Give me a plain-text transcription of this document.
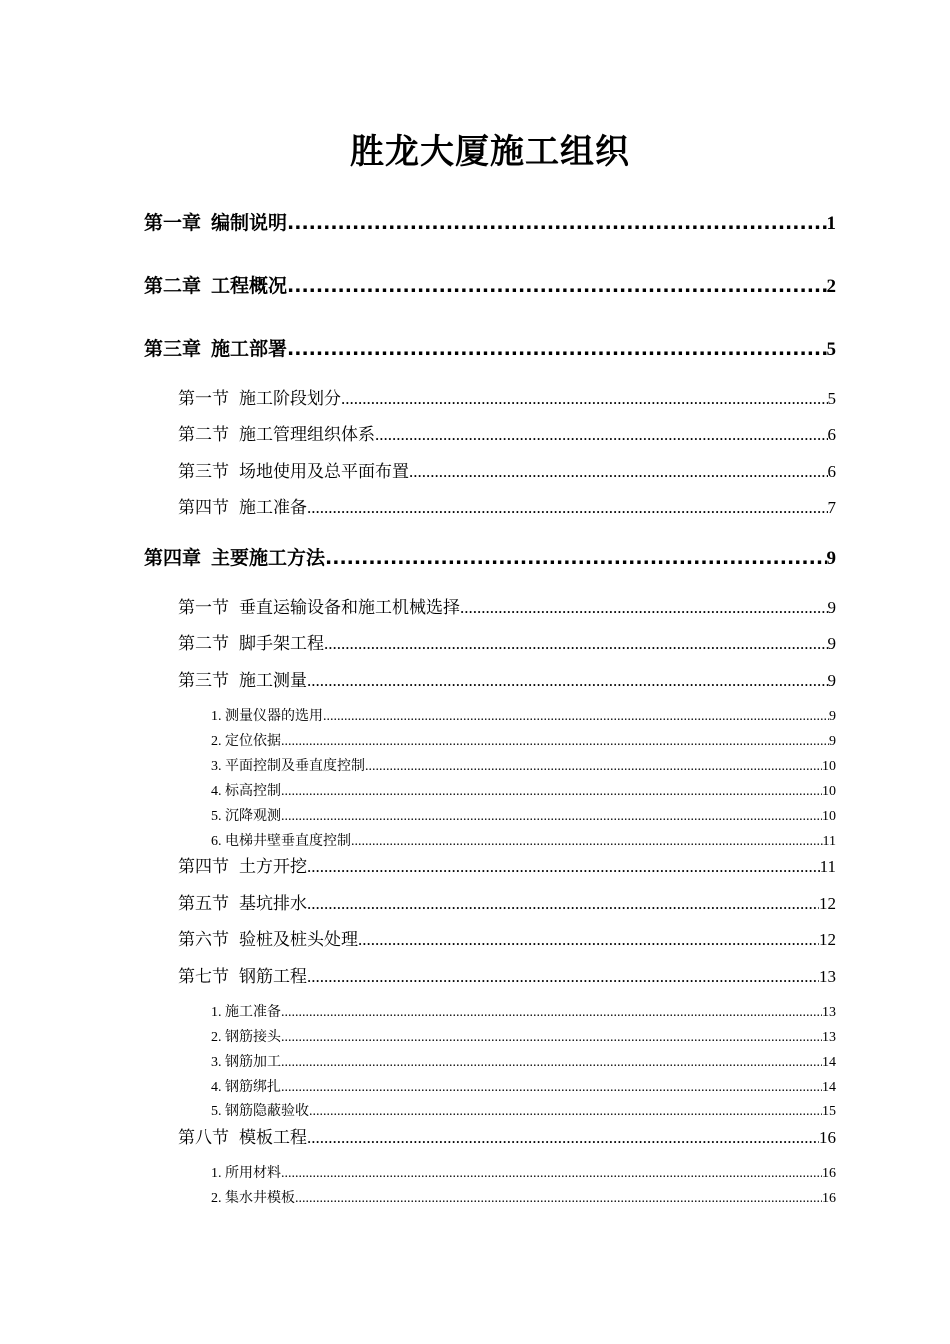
胜龙大厦施工组织
第一章 编制说明 .....	1
第二章 工程概况 .....	2
第三章 施工部署 .....	5
第一节 施工阶段划分 .....	5
第二节 施工管理组织体系 .....	6
第三节 场地使用及总平面布置 .....	6
第四节 施工准备 .....	7
第四章 主要施工方法 .....	9
第一节 垂直运输设备和施工机械选择 .....	9
第二节 脚手架工程 .....	9
第三节 施工测量 .....	9
1. 测量仪器的选用 .....	9
2. 定位依据 .....	9
3. 平面控制及垂直度控制 .....	10
4. 标高控制 .....	10
5. 沉降观测 .....	10
6. 电梯井壁垂直度控制 .....	11
第四节 土方开挖 .....	11
第五节 基坑排水 .....	12
第六节 验桩及桩头处理 .....	12
第七节 钢筋工程 .....	13
1. 施工准备 .....	13
2. 钢筋接头 .....	13
3. 钢筋加工 .....	14
4. 钢筋绑扎 .....	14
5. 钢筋隐蔽验收 .....	15
第八节 模板工程 .....	16
1. 所用材料 .....	16
2. 集水井模板 .....	16
